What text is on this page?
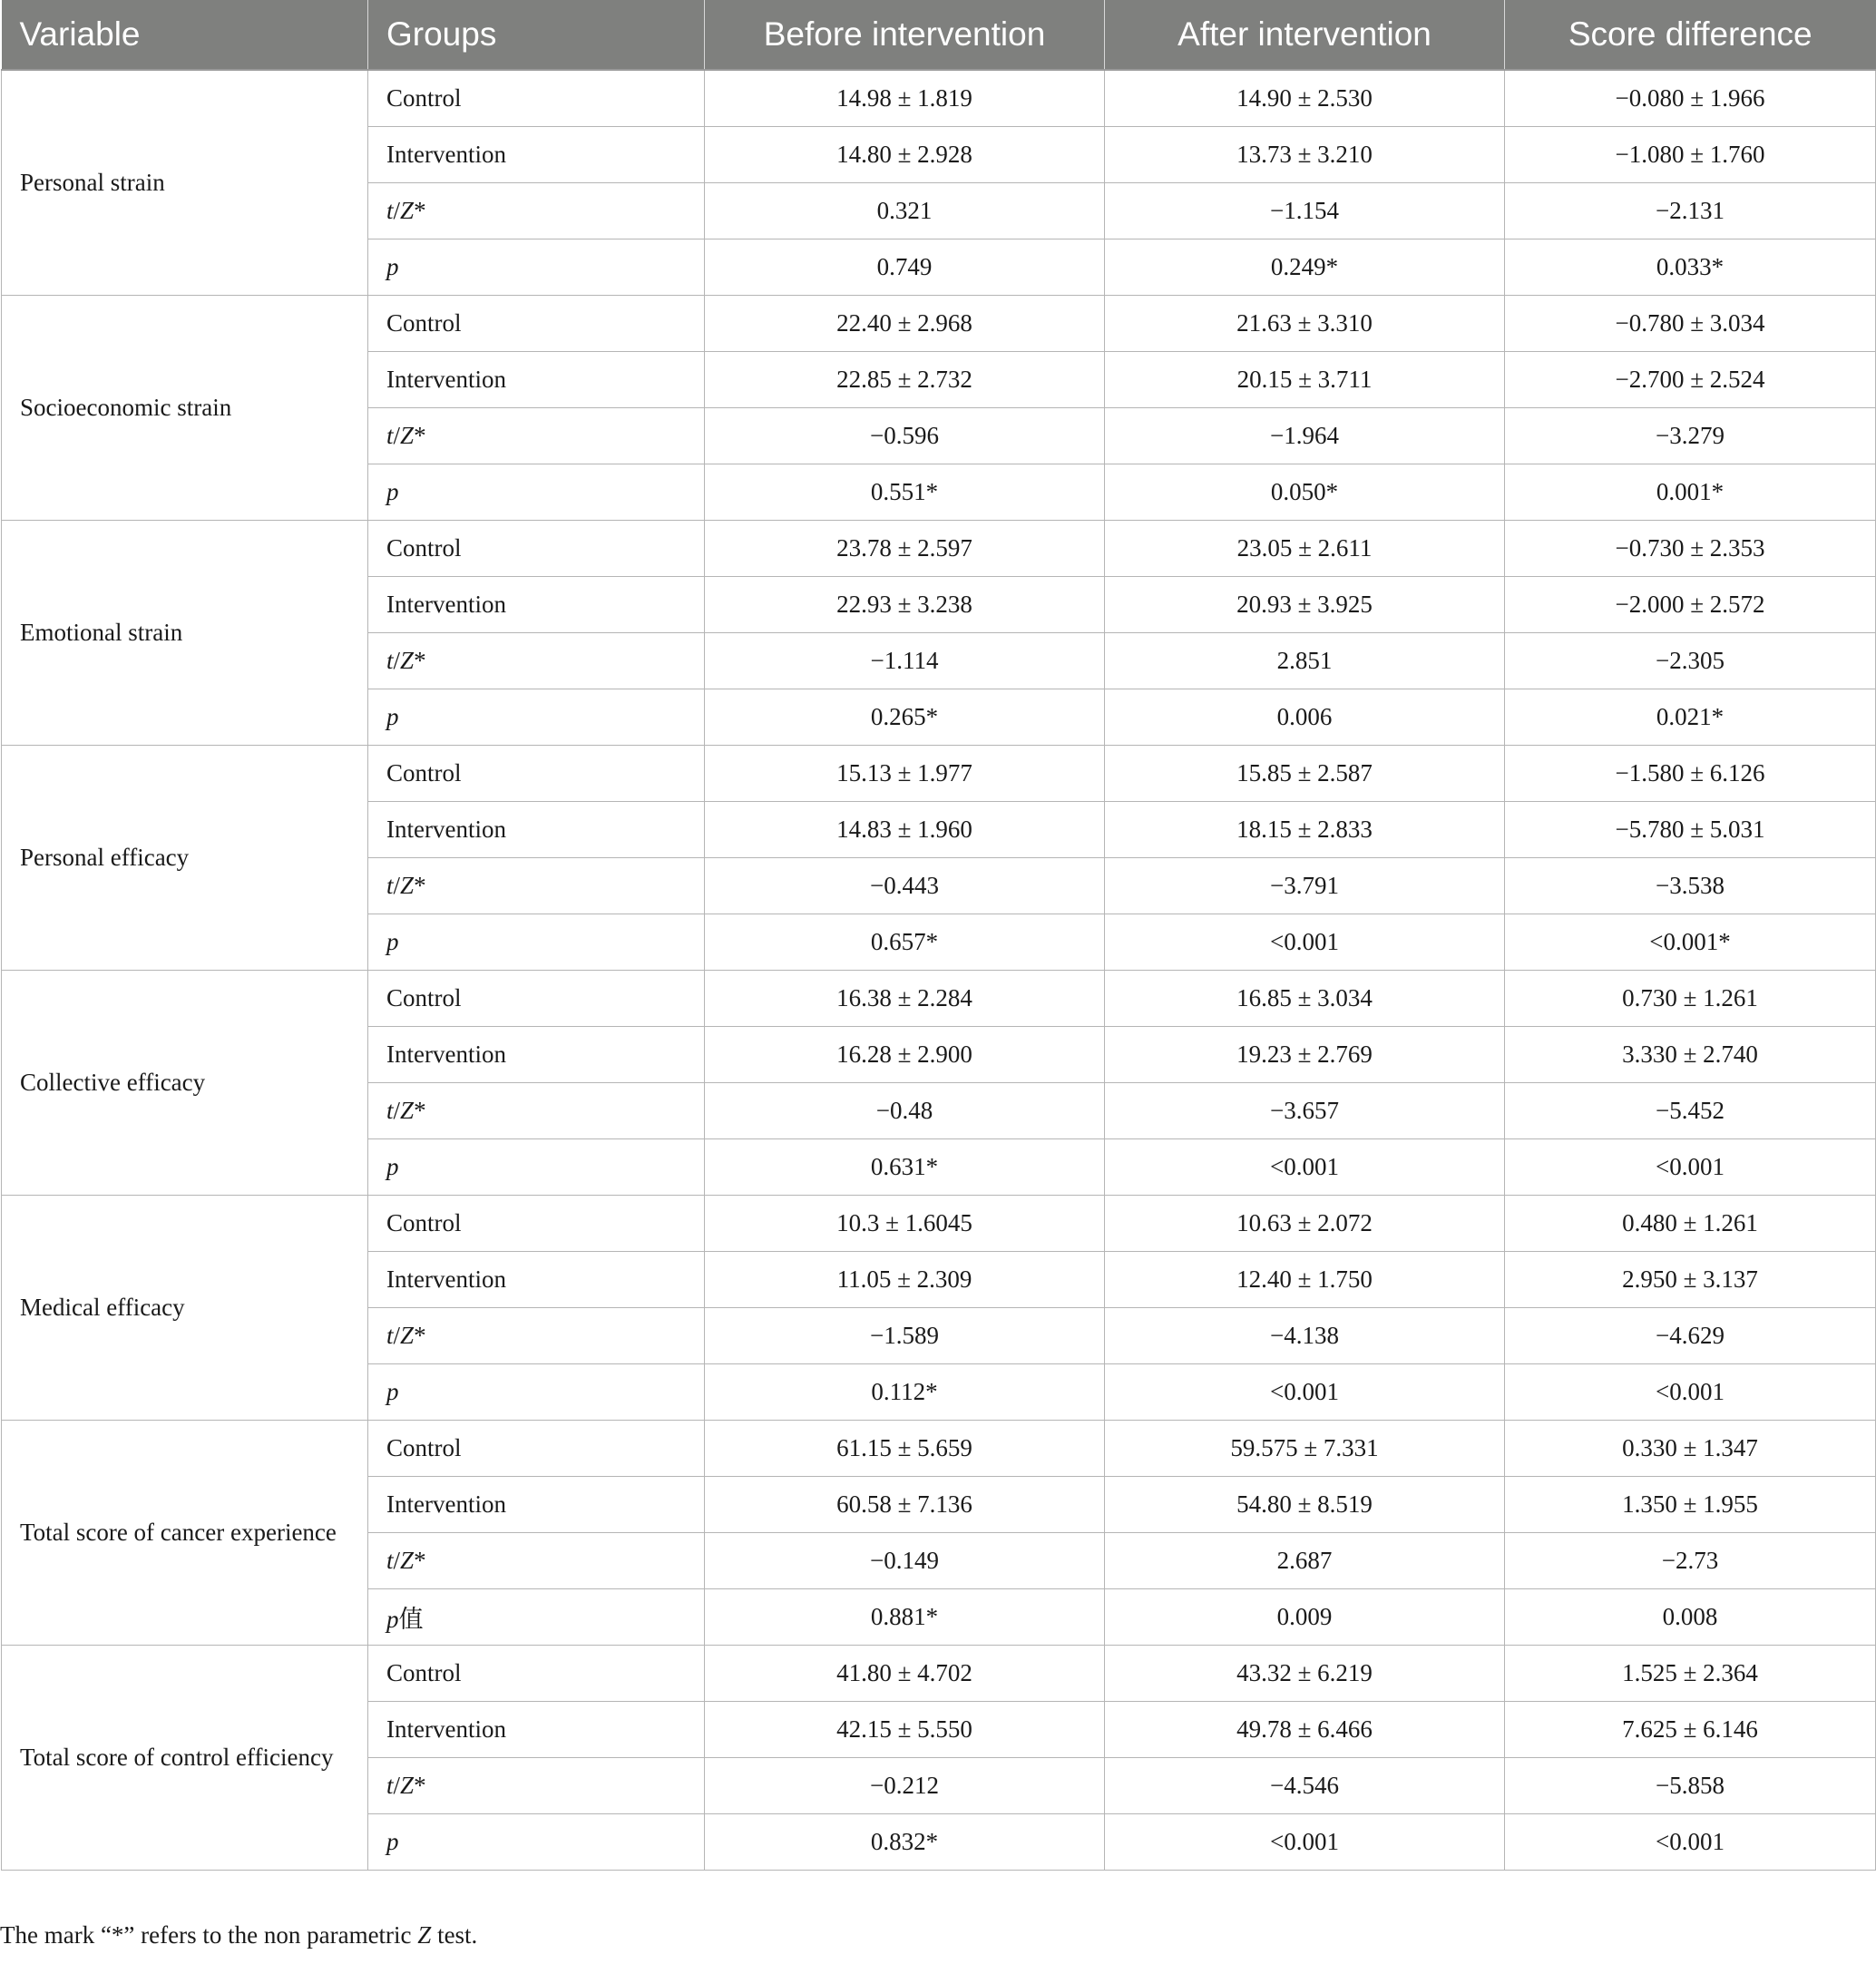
Variable	Groups	Before intervention	After intervention	Score difference
Personal strain	Control	14.98 ± 1.819	14.90 ± 2.530	−0.080 ± 1.966
	Intervention	14.80 ± 2.928	13.73 ± 3.210	−1.080 ± 1.760
	t/Z*	0.321	−1.154	−2.131
	p	0.749	0.249*	0.033*
Socioeconomic strain	Control	22.40 ± 2.968	21.63 ± 3.310	−0.780 ± 3.034
	Intervention	22.85 ± 2.732	20.15 ± 3.711	−2.700 ± 2.524
	t/Z*	−0.596	−1.964	−3.279
	p	0.551*	0.050*	0.001*
Emotional strain	Control	23.78 ± 2.597	23.05 ± 2.611	−0.730 ± 2.353
	Intervention	22.93 ± 3.238	20.93 ± 3.925	−2.000 ± 2.572
	t/Z*	−1.114	2.851	−2.305
	p	0.265*	0.006	0.021*
Personal efficacy	Control	15.13 ± 1.977	15.85 ± 2.587	−1.580 ± 6.126
	Intervention	14.83 ± 1.960	18.15 ± 2.833	−5.780 ± 5.031
	t/Z*	−0.443	−3.791	−3.538
	p	0.657*	<0.001	<0.001*
Collective efficacy	Control	16.38 ± 2.284	16.85 ± 3.034	0.730 ± 1.261
	Intervention	16.28 ± 2.900	19.23 ± 2.769	3.330 ± 2.740
	t/Z*	−0.48	−3.657	−5.452
	p	0.631*	<0.001	<0.001
Medical efficacy	Control	10.3 ± 1.6045	10.63 ± 2.072	0.480 ± 1.261
	Intervention	11.05 ± 2.309	12.40 ± 1.750	2.950 ± 3.137
	t/Z*	−1.589	−4.138	−4.629
	p	0.112*	<0.001	<0.001
Total score of cancer experience	Control	61.15 ± 5.659	59.575 ± 7.331	0.330 ± 1.347
	Intervention	60.58 ± 7.136	54.80 ± 8.519	1.350 ± 1.955
	t/Z*	−0.149	2.687	−2.73
	p值	0.881*	0.009	0.008
Total score of control efficiency	Control	41.80 ± 4.702	43.32 ± 6.219	1.525 ± 2.364
	Intervention	42.15 ± 5.550	49.78 ± 6.466	7.625 ± 6.146
	t/Z*	−0.212	−4.546	−5.858
	p	0.832*	<0.001	<0.001
The mark “*” refers to the non parametric Z test.
